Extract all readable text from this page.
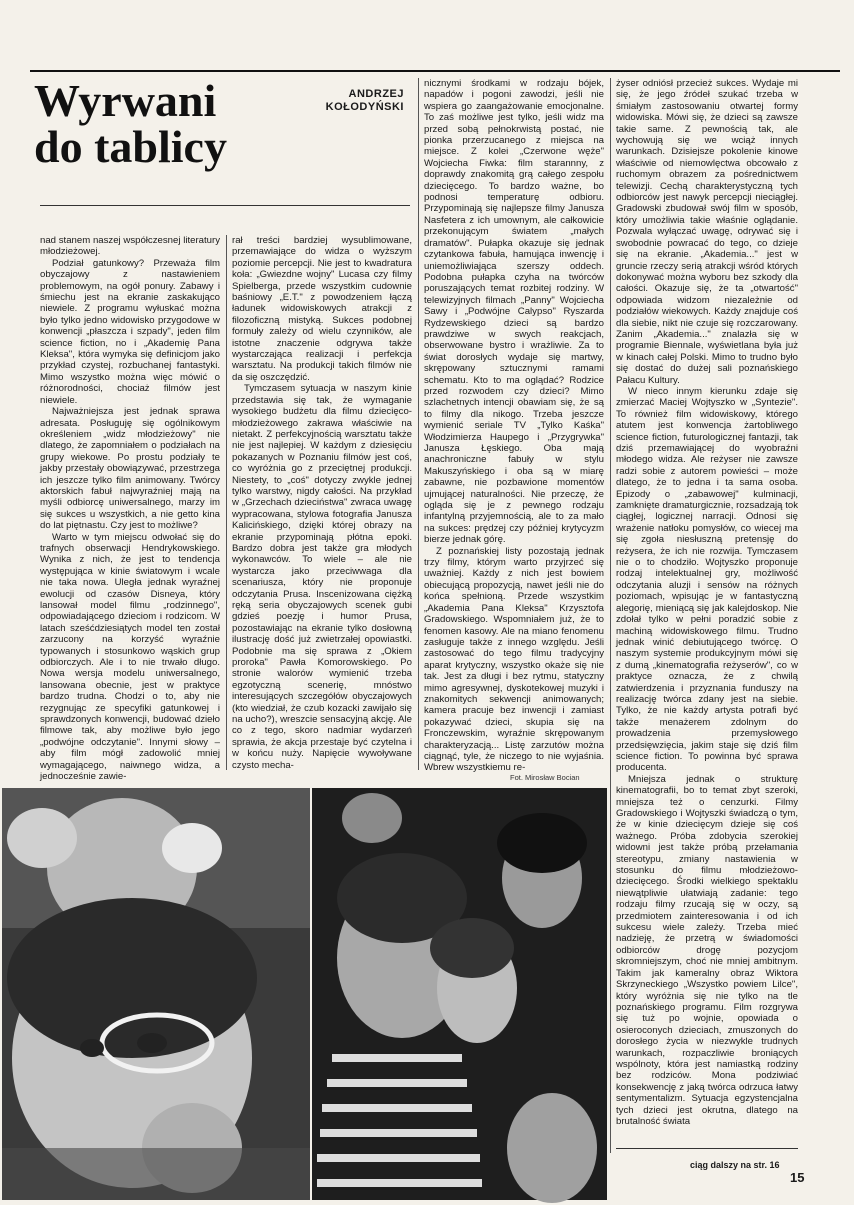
Wyrwani
do tablicy
ANDRZEJ
KOŁODYŃSKI

nad stanem naszej współczesnej literatury młodzieżowej.

Podział gatunkowy? Przeważa film obyczajowy z nastawieniem problemowym, na ogół ponury. Zabawy i śmiechu jest na ekranie zaskakująco niewiele. Z programu wyłuskać można było tylko jedno widowisko przygodowe w konwencji „płaszcza i szpady", jeden film science fiction, no i „Akademię Pana Kleksa", która wymyka się definicjom jako przykład czystej, rozbuchanej fantastyki. Mimo wszystko można więc mówić o różnorodności, chociaż filmów jest niewiele.

Najważniejsza jest jednak sprawa adresata. Posługuję się ogólnikowym określeniem „widz młodzieżowy" nie dlatego, że zapomniałem o podziałach na grupy wiekowe. Po prostu podziały te jakby przestały obowiązywać, przestrzega ich jeszcze tylko film animowany. Twórcy aktorskich fabuł najwyraźniej mają na myśli odbiorcę uniwersalnego, marzy im się sukces u wszystkich, a nie getto kina do lat piętnastu. Czy jest to możliwe?

Warto w tym miejscu odwołać się do trafnych obserwacji Hendrykowskiego. Wynika z nich, że jest to tendencja występująca w kinie światowym i wcale nie taka nowa. Uległa jednak wyraźnej ewolucji od czasów Disneya, który lansował model filmu „rodzinnego", odpowiadającego dzieciom i rodzicom. W latach sześćdziesiątych model ten został zarzucony na korzyść wyraźnie typowanych i stosunkowo wąskich grup odbiorczych. Ale i to nie trwało długo. Nowa wersja modelu uniwersalnego, lansowana obecnie, jest w praktyce bardzo trudna. Chodzi o to, aby nie rezygnując ze specyfiki gatunkowej i sprawdzonych konwencji, budować dzieło filmowe tak, aby możliwe było jego „podwójne odczytanie". Innymi słowy – aby film mógł zadowolić mniej wymagającego, naiwnego widza, a jednocześnie zawie-

rał treści bardziej wysublimowane, przemawiające do widza o wyższym poziomie percepcji. Nie jest to kwadratura koła: „Gwiezdne wojny" Lucasa czy filmy Spielberga, przede wszystkim cudownie baśniowy „E.T." z powodzeniem łączą ładunek widowiskowych atrakcji z filozoficzną mistyką. Sukces podobnej formuły zależy od wielu czynników, ale istotne znaczenie odgrywa także wystarczająca realizacji i perfekcja warsztatu. Na produkcji takich filmów nie da się oszczędzić.

Tymczasem sytuacja w naszym kinie przedstawia się tak, że wymaganie wysokiego budżetu dla filmu dziecięco-młodzieżowego zakrawa właściwie na nietakt. Z perfekcyjnością warsztatu także nie jest najlepiej. W każdym z dziesięciu pokazanych w Poznaniu filmów jest coś, co wyróżnia go z przeciętnej produkcji. Niestety, to „coś" dotyczy zwykle jednej tylko warstwy, nigdy całości. Na przykład w „Grzechach dzieciństwa" zwraca uwagę wypracowana, stylowa fotografia Janusza Kalicińskiego, dzięki której obrazy na ekranie przypominają płótna epoki. Bardzo dobra jest także gra młodych wykonawców. To wiele – ale nie wystarcza jako przeciwwaga dla scenariusza, który nie proponuje odczytania Prusa. Inscenizowana ciężką ręką seria obyczajowych scenek gubi gdzieś poezję i humor Prusa, pozostawiając na ekranie tylko dosłowną ilustrację dość już zwietrzałej opowiastki. Podobnie ma się sprawa z „Okiem proroka" Pawła Komorowskiego. Po stronie walorów wymienić trzeba egzotyczną scenerię, mnóstwo interesujących szczegółów obyczajowych (kto wiedział, że czub kozacki zawijało się na ucho?), wreszcie sensacyjną akcję. Ale co z tego, skoro nadmiar wydarzeń sprawia, że akcja przestaje być czytelna i w końcu nuży. Napięcie wywoływane czysto mecha-

nicznymi środkami w rodzaju bójek, napadów i pogoni zawodzi, jeśli nie wspiera go zaangażowanie emocjonalne. To zaś możliwe jest tylko, jeśli widz ma przed sobą pełnokrwistą postać, nie pionka przerzucanego z miejsca na miejsce. Z kolei „Czerwone węże" Wojciecha Fiwka: film starannny, z doprawdy znakomitą grą całego zespołu dziecięcego. To bardzo ważne, bo podnosi temperaturę odbioru. Przypominają się najlepsze filmy Janusza Nasfetera z ich umownym, ale całkowicie przekonującym światem „małych dramatów". Pułapka okazuje się jednak czytankowa fabuła, hamująca inwencję i uniemożliwiająca szerszy oddech. Podobna pułapka czyha na twórców poruszających temat rozbitej rodziny. W telewizyjnych filmach „Panny" Wojciecha Sawy i „Podwójne Calypso" Ryszarda Rydzewskiego dzieci są bardzo prawdziwe w swych reakcjach, obserwowane bystro i wrażliwie. Za to świat dorosłych wydaje się martwy, skrępowany sztucznymi ramami schematu. Kto to ma oglądać? Rodzice przed rozwodem czy dzieci? Mimo szlachetnych intencji obawiam się, że są to filmy dla nikogo. Trzeba jeszcze wymienić seriale TV „Tylko Kaśka" Włodzimierza Haupego i „Przygrywka" Janusza Łęskiego. Oba mają anachroniczne fabuły w stylu Makuszyńskiego i oba są w miarę zabawne, nie pozbawione momentów ujmującej naturalności. Nie przeczę, że ogląda się je z pewnego rodzaju infantylną przyjemnością, ale to za mało na sukces: prędzej czy później krytycyzm bierze jednak górę.

Z poznańskiej listy pozostają jednak trzy filmy, którym warto przyjrzeć się uważniej. Każdy z nich jest bowiem obiecującą propozycją, nawet jeśli nie do końca spełnioną. Przede wszystkim „Akademia Pana Kleksa" Krzysztofa Gradowskiego. Wspomniałem już, że to fenomen kasowy. Ale na miano fenomenu zasługuje także z innego względu. Jeśli zastosować do tego filmu tradycyjny aparat krytyczny, wszystko okaże się nie tak. Jest za długi i bez rytmu, statyczny mimo agresywnej, dyskotekowej muzyki i znakomitych sekwencji animowanych; kamera pracuje bez inwencji i zamiast pokazywać dzieci, skupia się na Fronczewskim, wyraźnie skrępowanym charakteryzacją... Listę zarzutów można ciągnąć, tyle, że niczego to nie wyjaśnia. Wbrew wszystkiemu re-

żyser odniósł przecież sukces. Wydaje mi się, że jego źródeł szukać trzeba w śmiałym zastosowaniu otwartej formy widowiska. Mówi się, że dzieci są zawsze takie same. Z pewnością tak, ale wychowują się we wciąż innych warunkach. Dzisiejsze pokolenie kinowe właściwie od niemowlęctwa obcowało z ruchomym obrazem za pośrednictwem telewizji. Cechą charakterystyczną tych odbiorców jest nawyk percepcji nieciągłej. Gradowski zbudował swój film w sposób, który umożliwia takie właśnie oglądanie. Pozwala wyłączać uwagę, odrywać się i swobodnie powracać do tego, co dzieje się na ekranie. „Akademia..." jest w gruncie rzeczy serią atrakcji wśród których dokonywać można wyboru bez szkody dla całości. Okazuje się, że ta „otwartość" odpowiada widzom niezależnie od podziałów wiekowych. Każdy znajduje coś dla siebie, nikt nie czuje się rozczarowany. Zanim „Akademia..." znalazła się w programie Biennale, wyświetlana była już w kinach całej Polski. Mimo to trudno było się dostać do dużej sali poznańskiego Pałacu Kultury.

W nieco innym kierunku zdaje się zmierzać Maciej Wojtyszko w „Syntezie". To również film widowiskowy, którego atutem jest konwencja żartobliwego science fiction, futurologicznej fantazji, tak dziś przemawiającej do wyobraźni młodego widza. Ale reżyser nie zawsze radzi sobie z autorem powieści – może dlatego, że to jedna i ta sama osoba. Epizody o „zabawowej" kulminacji, zamknięte dramaturgicznie, rozsadzają tok ciągłej, logicznej narracji. Odnosi się wrażenie natłoku pomysłów, co wiecej ma się zgoła niesłuszną pretensję do reżysera, że ich nie rozwija. Tymczasem nie o to chodziło. Wojtyszko proponuje rodzaj intelektualnej gry, możliwość odczytania aluzji i sensów na różnych poziomach, wpisując je w fantastyczną alegorię, mieniącą się jak kalejdoskop. Nie zdołał tylko w pełni poradzić sobie z machiną widowiskowego filmu. Trudno jednak winić debiutującego twórcę. O naszym systemie produkcyjnym mówi się z dumą „kinematografia reżyserów", co w praktyce oznacza, że z chwilą zatwierdzenia i przyznania funduszy na realizację twórca zdany jest na siebie. Tylko, że nie każdy artysta potrafi być także menażerem zdolnym do prowadzenia przemysłowego przedsięwzięcia, jakim staje się dziś film science fiction. To powinna być sprawa producenta.

Mniejsza jednak o strukturę kinematografii, bo to temat zbyt szeroki, mniejsza też o cenzurki. Filmy Gradowskiego i Wojtyszki świadczą o tym, że w kinie dziecięcym dzieje się coś ważnego. Próba zdobycia szerokiej widowni jest także próbą przełamania stereotypu, zmiany nastawienia w stosunku do filmu młodzieżowo-dziecięcego. Środki wielkiego spektaklu niewątpliwie ułatwiają zadanie: tego rodzaju filmy rzucają się w oczy, są przedmiotem zainteresowania i od ich sukcesu wiele zależy. Trzeba mieć nadzieję, że przetrą w świadomości odbiorców drogę pozycjom skromniejszym, choć nie mniej ambitnym. Takim jak kameralny obraz Wiktora Skrzyneckiego „Wszystko powiem Lilce", który wyróżnia się nie tylko na tle poznańskiego programu. Film rozgrywa się tuż po wojnie, opowiada o osieroconych dzieciach, zmuszonych do dorosłego życia w niezwykle trudnych warunkach, rozpaczliwie broniących wspólnoty, która jest namiastką rodziny bez rodziców. Mona podziwiać konsekwencję z jaką twórca odrzuca łatwy sentymentalizm. Sytuacja egzystencjalna tych dzieci jest okrutna, dlatego na brutalność świata

Fot. Mirosław Bocian
ciąg dalszy na str. 16
15
